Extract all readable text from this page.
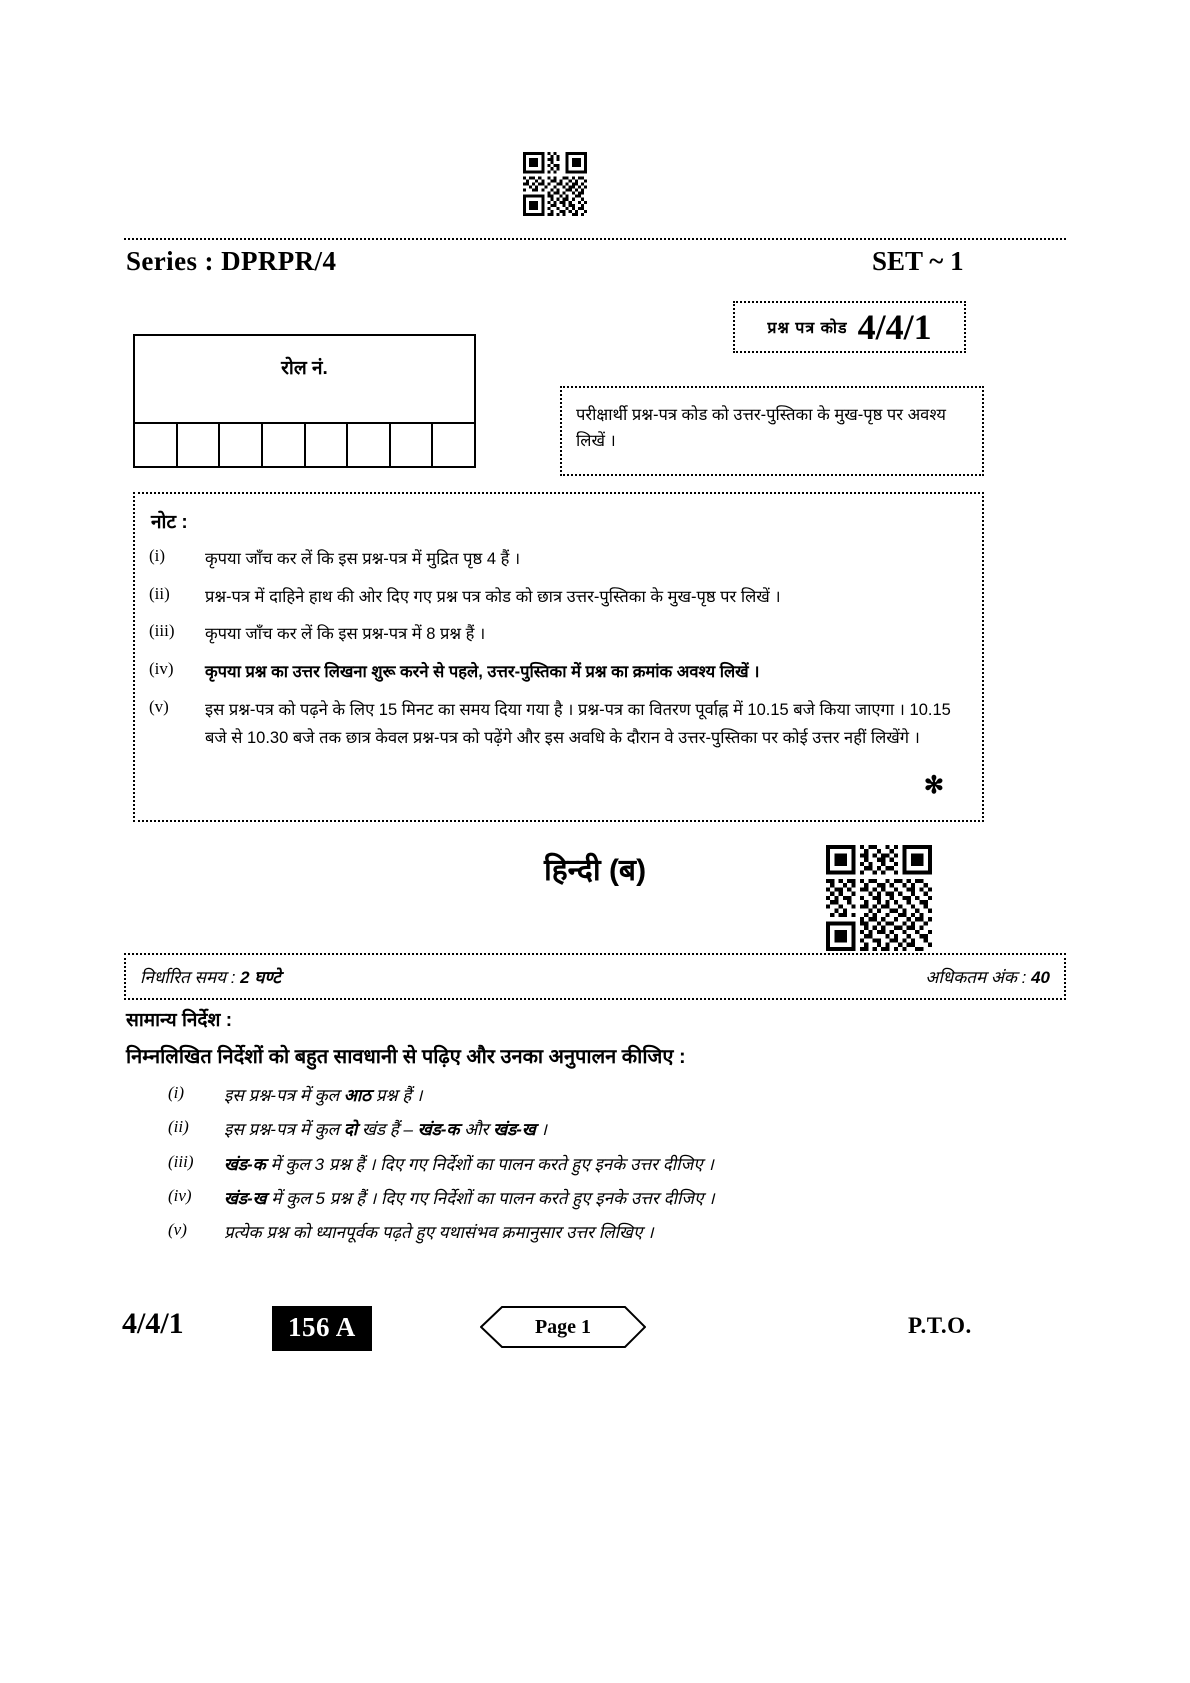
Series : DPRPR/4	SET ~ 1
प्रश्न पत्र कोड 4/4/1
रोल नं.
परीक्षार्थी प्रश्न-पत्र कोड को उत्तर-पुस्तिका के मुख-पृष्ठ पर अवश्य लिखें ।
नोट :
(i)	कृपया जाँच कर लें कि इस प्रश्न-पत्र में मुद्रित पृष्ठ 4 हैं ।
(ii)	प्रश्न-पत्र में दाहिने हाथ की ओर दिए गए प्रश्न पत्र कोड को छात्र उत्तर-पुस्तिका के मुख-पृष्ठ पर लिखें ।
(iii)	कृपया जाँच कर लें कि इस प्रश्न-पत्र में 8 प्रश्न हैं ।
(iv)	कृपया प्रश्न का उत्तर लिखना शुरू करने से पहले, उत्तर-पुस्तिका में प्रश्न का क्रमांक अवश्य लिखें ।
(v)	इस प्रश्न-पत्र को पढ़ने के लिए 15 मिनट का समय दिया गया है । प्रश्न-पत्र का वितरण पूर्वाह्न में 10.15 बजे किया जाएगा । 10.15 बजे से 10.30 बजे तक छात्र केवल प्रश्न-पत्र को पढ़ेंगे और इस अवधि के दौरान वे उत्तर-पुस्तिका पर कोई उत्तर नहीं लिखेंगे ।
✻
हिन्दी (ब)
निर्धारित समय : 2 घण्टे	अधिकतम अंक : 40
सामान्य निर्देश :
निम्नलिखित निर्देशों को बहुत सावधानी से पढ़िए और उनका अनुपालन कीजिए :
(i)	इस प्रश्न-पत्र में कुल आठ प्रश्न हैं ।
(ii)	इस प्रश्न-पत्र में कुल दो खंड हैं – खंड-क और खंड-ख ।
(iii)	खंड-क में कुल 3 प्रश्न हैं । दिए गए निर्देशों का पालन करते हुए इनके उत्तर दीजिए ।
(iv)	खंड-ख में कुल 5 प्रश्न हैं । दिए गए निर्देशों का पालन करते हुए इनके उत्तर दीजिए ।
(v)	प्रत्येक प्रश्न को ध्यानपूर्वक पढ़ते हुए यथासंभव क्रमानुसार उत्तर लिखिए ।
4/4/1	156 A	Page 1	P.T.O.
